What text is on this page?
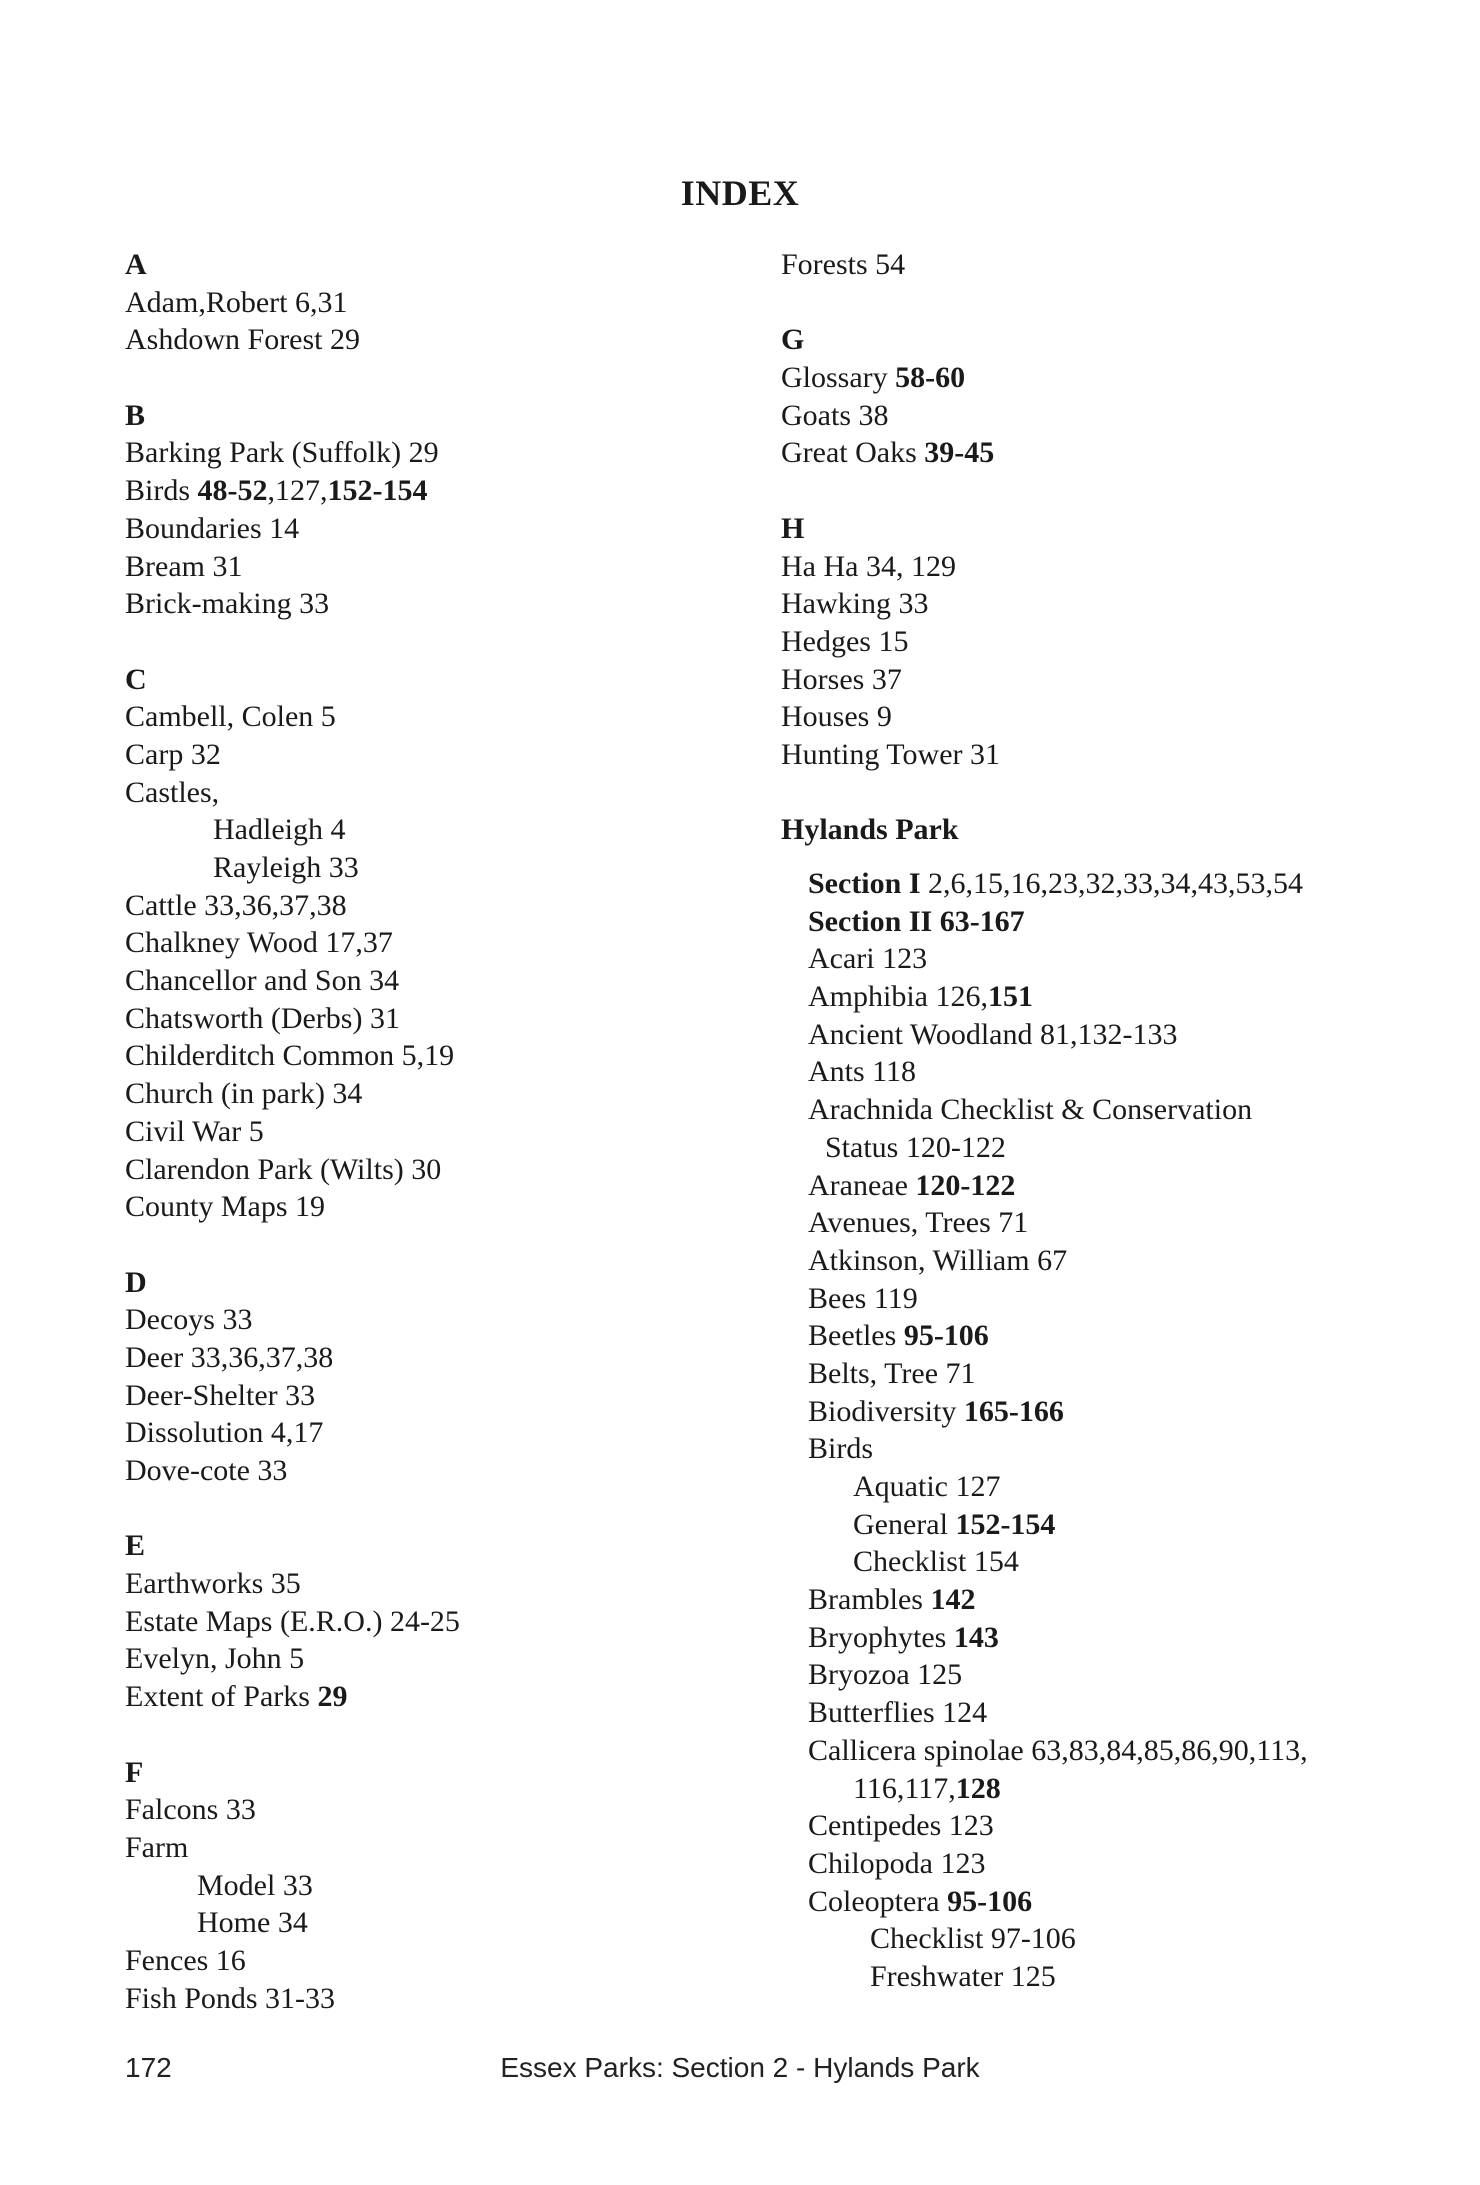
INDEX
A
Adam,Robert 6,31
Ashdown Forest 29
B
Barking Park (Suffolk) 29
Birds 48-52,127,152-154
Boundaries 14
Bream 31
Brick-making 33
C
Cambell, Colen 5
Carp 32
Castles,
Hadleigh 4
Rayleigh 33
Cattle 33,36,37,38
Chalkney Wood 17,37
Chancellor and Son 34
Chatsworth (Derbs) 31
Childerditch Common 5,19
Church (in park) 34
Civil War 5
Clarendon Park (Wilts) 30
County Maps 19
D
Decoys 33
Deer 33,36,37,38
Deer-Shelter 33
Dissolution 4,17
Dove-cote 33
E
Earthworks 35
Estate Maps (E.R.O.) 24-25
Evelyn, John 5
Extent of Parks 29
F
Falcons 33
Farm
Model 33
Home 34
Fences 16
Fish Ponds 31-33
Forests 54
G
Glossary 58-60
Goats 38
Great Oaks 39-45
H
Ha Ha 34, 129
Hawking 33
Hedges 15
Horses 37
Houses 9
Hunting Tower 31
Hylands Park
Section I 2,6,15,16,23,32,33,34,43,53,54
Section II 63-167
Acari 123
Amphibia 126,151
Ancient Woodland 81,132-133
Ants 118
Arachnida Checklist & Conservation
Status 120-122
Araneae 120-122
Avenues, Trees 71
Atkinson, William 67
Bees 119
Beetles 95-106
Belts, Tree 71
Biodiversity 165-166
Birds
Aquatic 127
General 152-154
Checklist 154
Brambles 142
Bryophytes 143
Bryozoa 125
Butterflies 124
Callicera spinolae 63,83,84,85,86,90,113,
116,117,128
Centipedes 123
Chilopoda 123
Coleoptera 95-106
Checklist 97-106
Freshwater 125
172	Essex Parks: Section 2 - Hylands Park
